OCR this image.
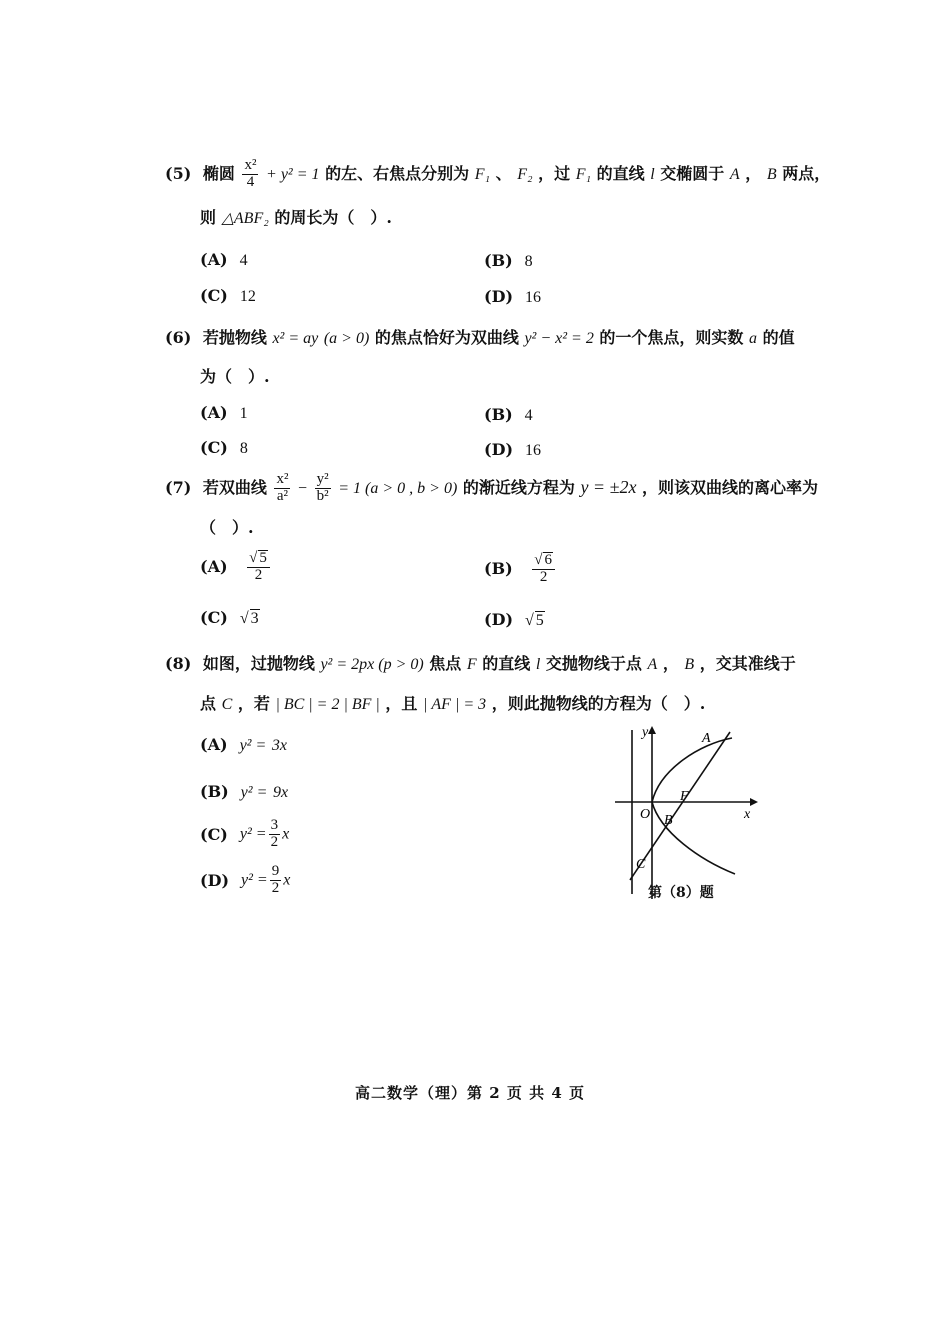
(5) 椭圆 $\frac{\text{x²}}{4} + y^2 = 1$ 的左、右焦点分别为 F₁ 、 F₂ ，过 F₁ 的直线 l 交椭圆于 A ， B 两点，
则 △ABF₂ 的周长为（　）.
(A) 4	(B) 8
(C) 12	(D) 16
(6) 若抛物线 x² = ay (a > 0) 的焦点恰好为双曲线 y² − x² = 2 的一个焦点，则实数 a 的值
为（　）.
(A) 1	(B) 4
(C) 8	(D) 16
(7) 若双曲线 $\frac{\text{x²}}{\text{a²}} - \frac{\text{y²}}{\text{b²}} = 1$ (a > 0 , b > 0) 的渐近线方程为 y = ±2x ，则该双曲线的离心率为
（　）.
$(A) \frac{√ 5}{2}$	$(B) \frac{√ 6}{2}$
(C) √ 3	(D) √ 5
(8) 如图，过抛物线 y² = 2px (p > 0) 焦点 F 的直线 l 交抛物线于点 A ， B ，交其准线于
点 C ，若 | BC | = 2 | BF | ，且 | AF | = 3 ，则此抛物线的方程为（　）.
(A) y² = 3x
(B) y² = 9x
(C) $y^2 = \frac{3}{2}$ x
(D) $y^2 = \frac{9}{2}$ x
y
x
O
A
F
B
C
第（8）题
高二数学（理）第 2 页 共 4 页
